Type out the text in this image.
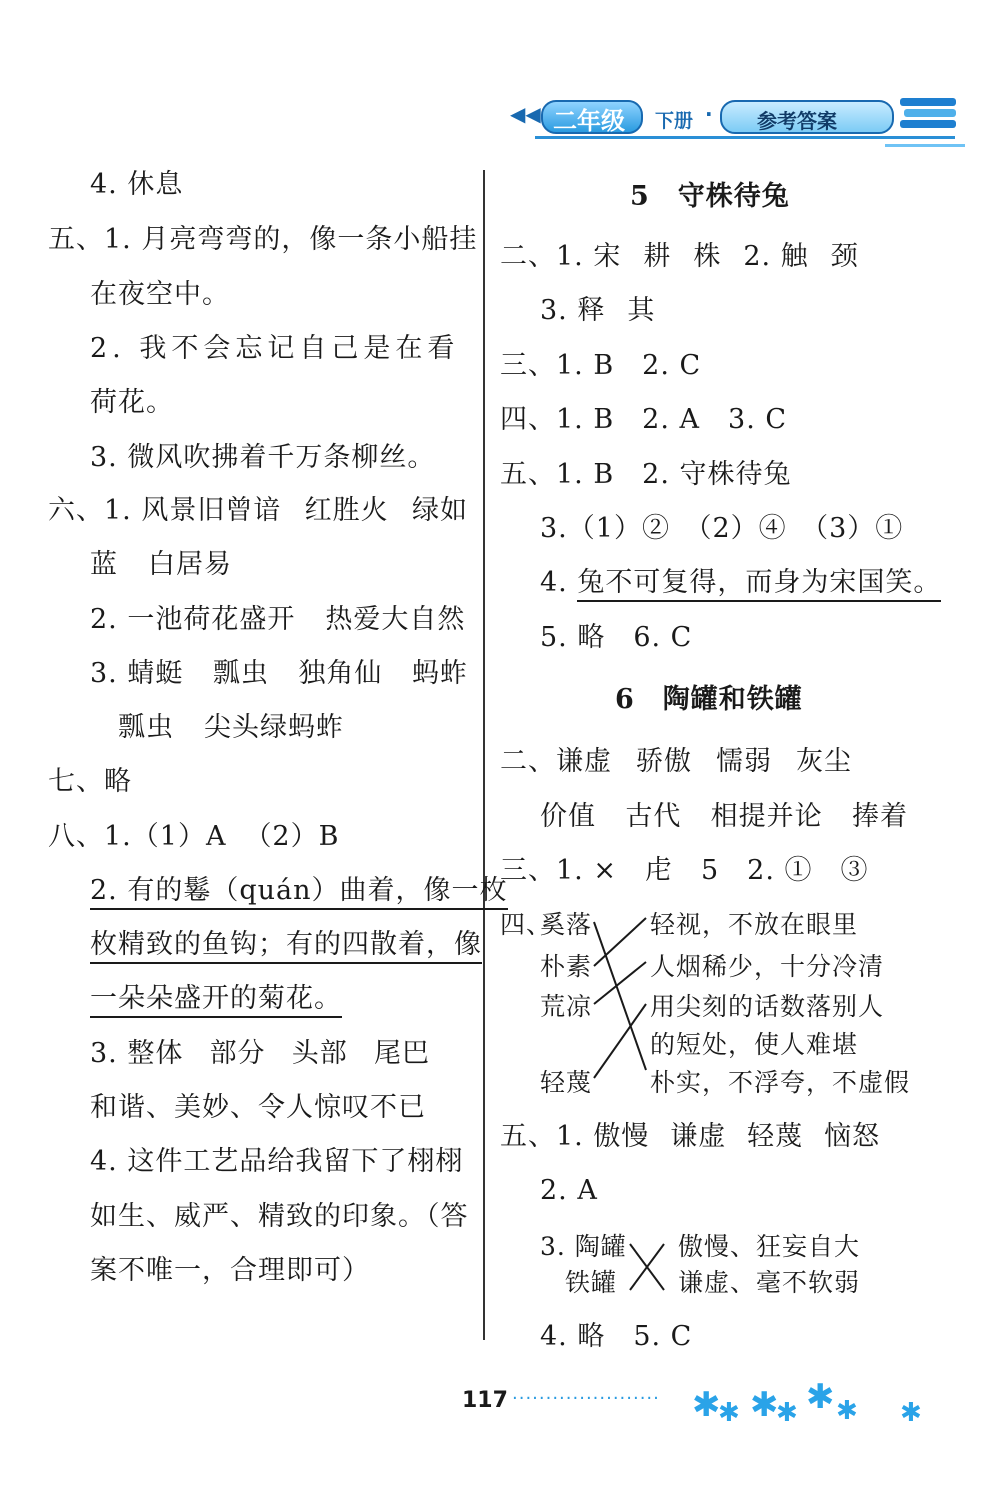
◀◀ 二年级 下册 · 参考答案
4. 休息
五、1. 月亮弯弯的，像一条小船挂
在夜空中。
2. 我不会忘记自己是在看
荷花。
3. 微风吹拂着千万条柳丝。
六、1. 风景旧曾谙 红胜火 绿如
蓝 白居易
2. 一池荷花盛开 热爱大自然
3. 蜻蜓 瓢虫 独角仙 蚂蚱
瓢虫 尖头绿蚂蚱
七、略
八、1.（1）A （2）B
2. 有的鬈（quán）曲着，像一枚
枚精致的鱼钩；有的四散着，像
一朵朵盛开的菊花。
3. 整体 部分 头部 尾巴
和谐、美妙、令人惊叹不已
4. 这件工艺品给我留下了栩栩
如生、威严、精致的印象。（答
案不唯一，合理即可）
5　守株待兔
二、1. 宋 耕 株 2. 触 颈
3. 释 其
三、1. B　2. C
四、1. B　2. A　3. C
五、1. B　2. 守株待兔
3.（1）②　（2）④　（3）①
4. 兔不可复得，而身为宋国笑。
5. 略　6. C
6　陶罐和铁罐
二、谦虚 骄傲 懦弱 灰尘
价值 古代 相提并论 捧着
三、1. ×　虍　5　2. ①　③
四、
奚落
朴素
荒凉
轻蔑
轻视，不放在眼里
人烟稀少，十分冷清
用尖刻的话数落别人
的短处，使人难堪
朴实，不浮夸，不虚假
五、1. 傲慢 谦虚 轻蔑 恼怒
2. A
3. 陶罐
铁罐
傲慢、狂妄自大
谦虚、毫不软弱
4. 略　5. C
117 ······················ ✱
✱ ✱
✱ ✱ ✱ ✱
